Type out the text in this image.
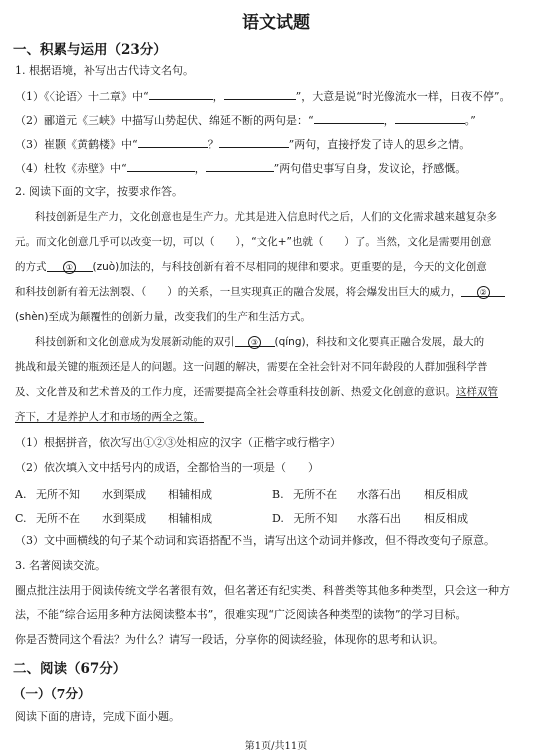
语文试题
一、积累与运用（23分）
1. 根据语境，补写出古代诗文名句。
（1）《〈论语〉十二章》中“	，	”，大意是说“时光像流水一样，日夜不停”。
（2）郦道元《三峡》中描写山势起伏、绵延不断的两句是：“	，	。”
（3）崔颢《黄鹤楼》中“	？	”两句，直接抒发了诗人的思乡之情。
（4）杜牧《赤壁》中“	，	”两句借史事写自身，发议论，抒感慨。
2. 阅读下面的文字，按要求作答。
科技创新是生产力，文化创意也是生产力。尤其是进入信息时代之后，人们的文化需求越来越复杂多
元。而文化创意几乎可以改变一切，可以（　　），“文化+”也就（　　）了。当然，文化是需要用创意
的方式 ① (zuò)加法的，与科技创新有着不尽相同的规律和要求。更重要的是，今天的文化创意
和科技创新有着无法割裂、（　　）的关系，一旦实现真正的融合发展，将会爆发出巨大的威力， ②
(shèn)至成为颠覆性的创新力量，改变我们的生产和生活方式。
科技创新和文化创意成为发展新动能的双引 ③ (qíng)，科技和文化要真正融合发展，最大的
挑战和最关键的瓶颈还是人的问题。这一问题的解决，需要在全社会针对不同年龄段的人群加强科学普
及、文化普及和艺术普及的工作力度，还需要提高全社会尊重科技创新、热爱文化创意的意识。这样双管
齐下，才是养护人才和市场的两全之策。
（1）根据拼音，依次写出①②③处相应的汉字（正楷字或行楷字）
（2）依次填入文中括号内的成语，全都恰当的一项是（　　）
A. 无所不知 水到渠成 相辅相成	B. 无所不在 水落石出 相反相成
C. 无所不在 水到渠成 相辅相成	D. 无所不知 水落石出 相反相成
（3）文中画横线的句子某个动词和宾语搭配不当，请写出这个动词并修改，但不得改变句子原意。
3. 名著阅读交流。
圈点批注法用于阅读传统文学名著很有效，但名著还有纪实类、科普类等其他多种类型，只会这一种方
法，不能“综合运用多种方法阅读整本书”，很难实现“广泛阅读各种类型的读物”的学习目标。
你是否赞同这个看法？为什么？请写一段话，分享你的阅读经验，体现你的思考和认识。
二、阅读（67分）
（一）（7分）
阅读下面的唐诗，完成下面小题。
第1页/共11页
